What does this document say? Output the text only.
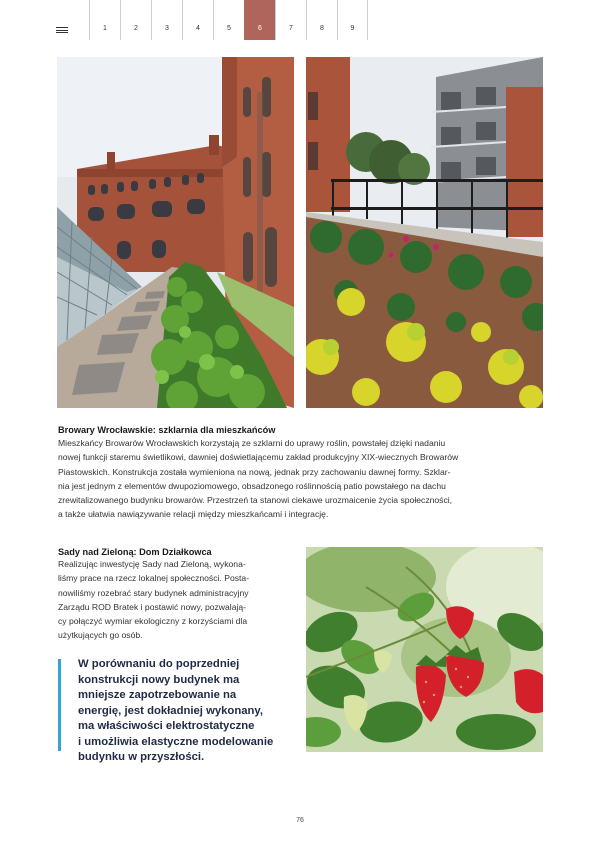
1	2	3	4	5	6	7	8	9
Browary Wrocławskie: szklarnia dla mieszkańców
Mieszkańcy Browarów Wrocławskich korzystają ze szklarni do uprawy roślin, powstałej dzięki nadaniu
nowej funkcji staremu świetlikowi, dawniej doświetlającemu zakład produkcyjny XIX-wiecznych Browarów
Piastowskich. Konstrukcja została wymieniona na nową, jednak przy zachowaniu dawnej formy. Szklar-
nia jest jednym z elementów dwupoziomowego, obsadzonego roślinnością patio powstałego na dachu
zrewitalizowanego budynku browarów. Przestrzeń ta stanowi ciekawe urozmaicenie życia społeczności,
a także ułatwia nawiązywanie relacji między mieszkańcami i integrację.
Sady nad Zieloną: Dom Działkowca
Realizując inwestycję Sady nad Zieloną, wykona-
liśmy prace na rzecz lokalnej społeczności. Posta-
nowiliśmy rozebrać stary budynek administracyjny
Zarządu ROD Bratek i postawić nowy, pozwalają-
cy połączyć wymiar ekologiczny z korzyściami dla
użytkujących go osób.
W porównaniu do poprzedniej
konstrukcji nowy budynek ma
mniejsze zapotrzebowanie na
energię, jest dokładniej wykonany,
ma właściwości elektrostatyczne
i umożliwia elastyczne modelowanie
budynku w przyszłości.
76
